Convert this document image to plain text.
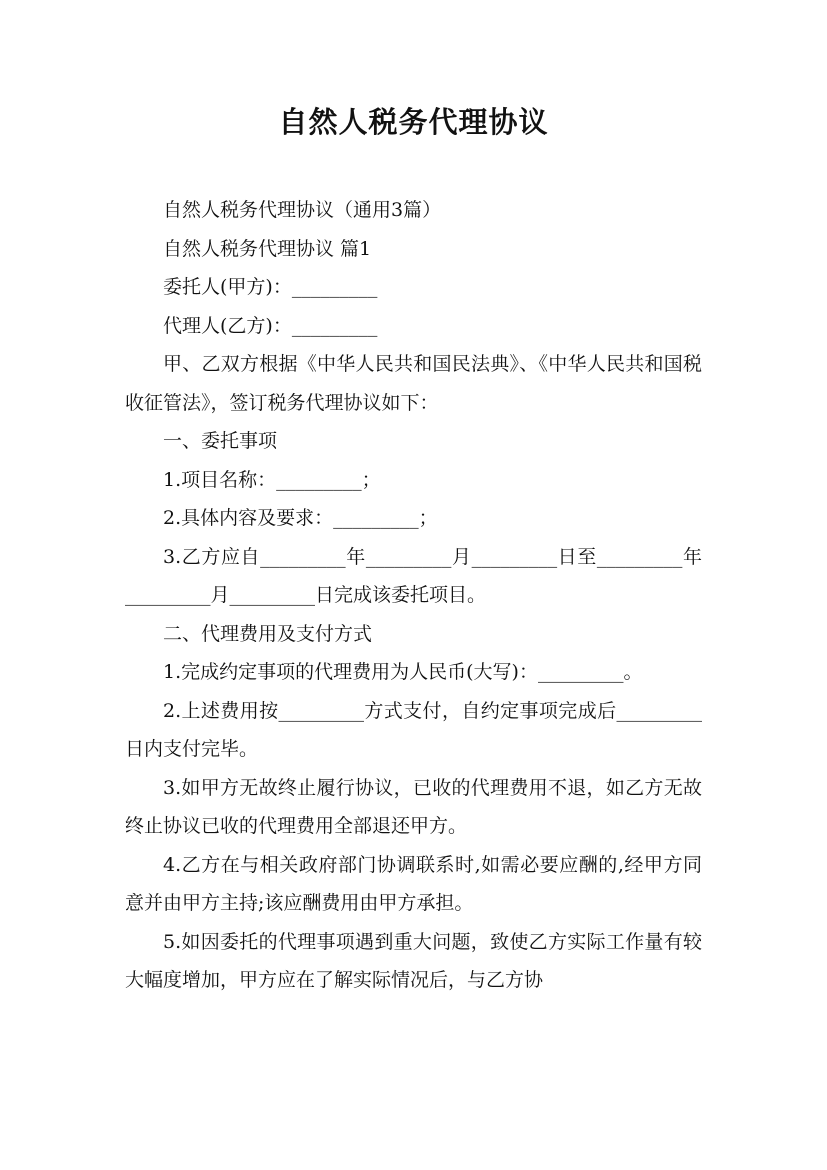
自然人税务代理协议

自然人税务代理协议（通用3篇）

自然人税务代理协议 篇1

委托人(甲方)：_________

代理人(乙方)：_________

甲、乙双方根据《中华人民共和国民法典》、《中华人民共和国税收征管法》，签订税务代理协议如下：

一、委托事项

1.项目名称：_________；

2.具体内容及要求：_________；

3.乙方应自_________年_________月_________日至_________年_________月_________日完成该委托项目。

二、代理费用及支付方式

1.完成约定事项的代理费用为人民币(大写)：_________。

2.上述费用按_________方式支付，自约定事项完成后_________日内支付完毕。

3.如甲方无故终止履行协议，已收的代理费用不退，如乙方无故终止协议已收的代理费用全部退还甲方。

4.乙方在与相关政府部门协调联系时,如需必要应酬的,经甲方同意并由甲方主持;该应酬费用由甲方承担。

5.如因委托的代理事项遇到重大问题，致使乙方实际工作量有较大幅度增加，甲方应在了解实际情况后，与乙方协
